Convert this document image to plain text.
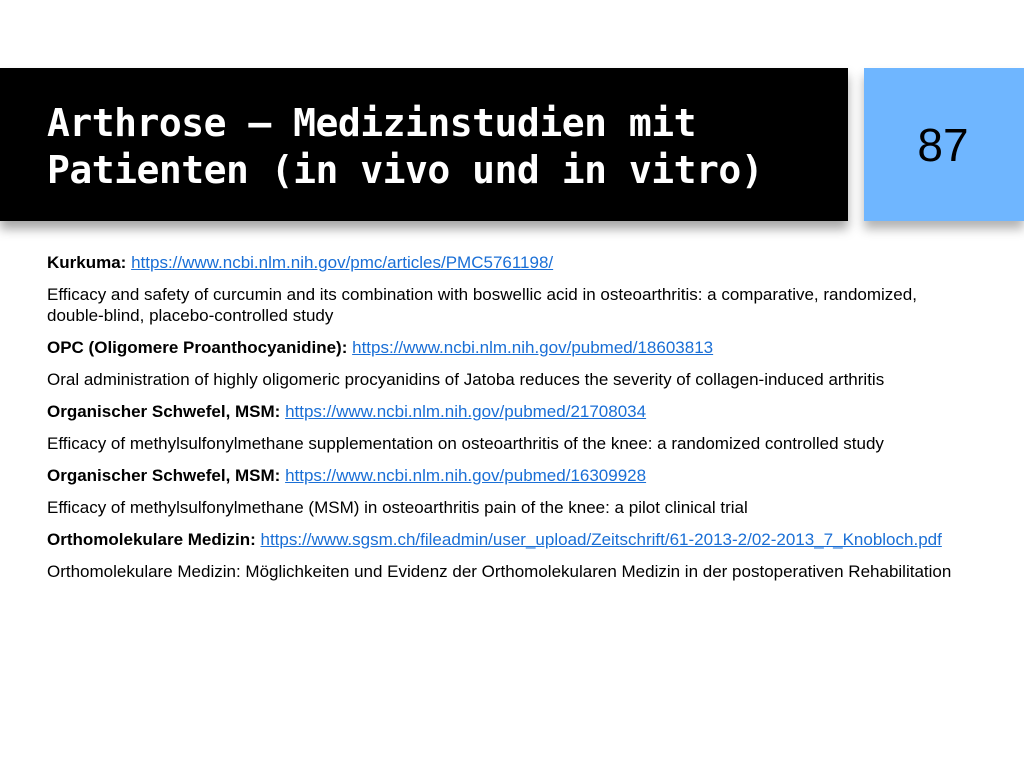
Arthrose – Medizinstudien mit Patienten (in vivo und in vitro)	87
Kurkuma: https://www.ncbi.nlm.nih.gov/pmc/articles/PMC5761198/
Efficacy and safety of curcumin and its combination with boswellic acid in osteoarthritis: a comparative, randomized, double-blind, placebo-controlled study
OPC (Oligomere Proanthocyanidine): https://www.ncbi.nlm.nih.gov/pubmed/18603813
Oral administration of highly oligomeric procyanidins of Jatoba reduces the severity of collagen-induced arthritis
Organischer Schwefel, MSM: https://www.ncbi.nlm.nih.gov/pubmed/21708034
Efficacy of methylsulfonylmethane supplementation on osteoarthritis of the knee: a randomized controlled study
Organischer Schwefel, MSM: https://www.ncbi.nlm.nih.gov/pubmed/16309928
Efficacy of methylsulfonylmethane (MSM) in osteoarthritis pain of the knee: a pilot clinical trial
Orthomolekulare Medizin: https://www.sgsm.ch/fileadmin/user_upload/Zeitschrift/61-2013-2/02-2013_7_Knobloch.pdf
Orthomolekulare Medizin: Möglichkeiten und Evidenz der Orthomolekularen Medizin in der postoperativen Rehabilitation
